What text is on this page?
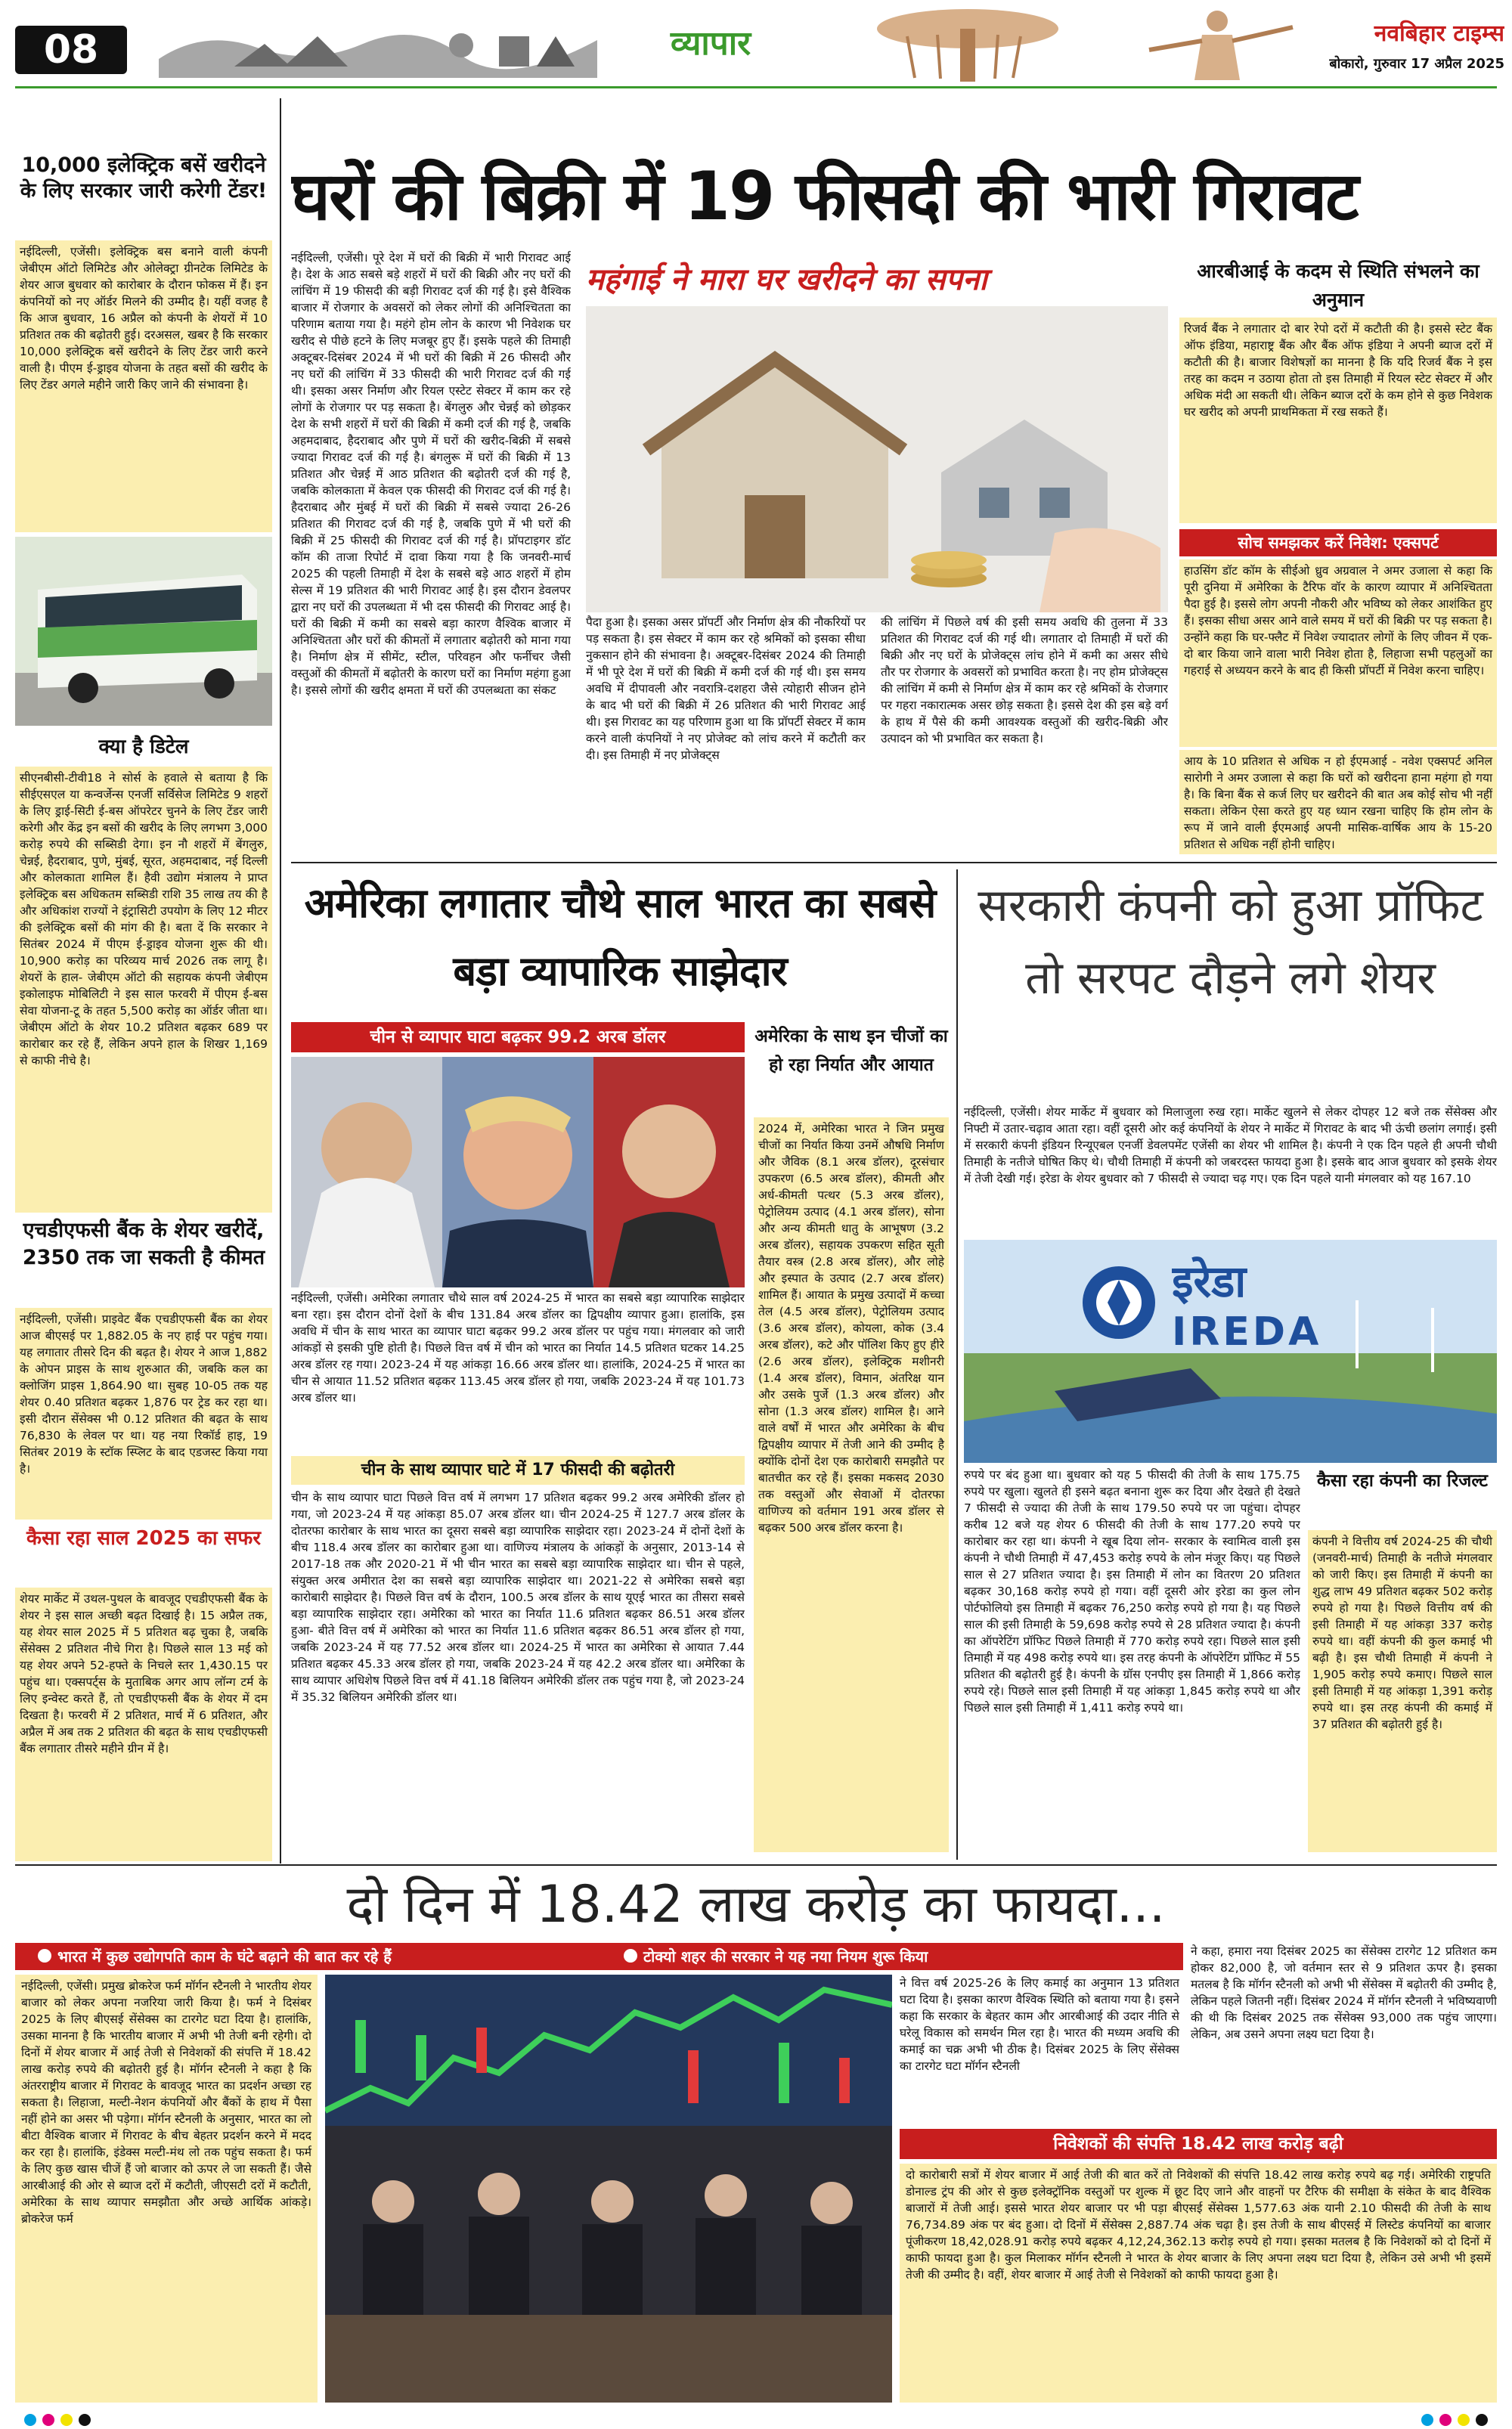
08	व्यापार	नवबिहार टाइम्स
बोकारो, गुरुवार 17 अप्रैल 2025

10,000 इलेक्ट्रिक बसें खरीदने के लिए सरकार जारी करेगी टेंडर!

नईदिल्ली, एजेंसी। इलेक्ट्रिक बस बनाने वाली कंपनी जेबीएम ऑटो लिमिटेड और ओलेक्ट्रा ग्रीनटेक लिमिटेड के शेयर आज बुधवार को कारोबार के दौरान फोकस में हैं। इन कंपनियों को नए ऑर्डर मिलने की उम्मीद है। यहीं वजह है कि आज बुधवार, 16 अप्रैल को कंपनी के शेयरों में 10 प्रतिशत तक की बढ़ोतरी हुई। दरअसल, खबर है कि सरकार 10,000 इलेक्ट्रिक बसें खरीदने के लिए टेंडर जारी करने वाली है। पीएम ई-ड्राइव योजना के तहत बसों की खरीद के लिए टेंडर अगले महीने जारी किए जाने की संभावना है।

क्या है डिटेल

सीएनबीसी-टीवी18 ने सोर्स के हवाले से बताया है कि सीईएसएल या कन्वर्जेन्स एनर्जी सर्विसेज लिमिटेड 9 शहरों के लिए ड्राई-सिटी ई-बस ऑपरेटर चुनने के लिए टेंडर जारी करेगी और केंद्र इन बसों की खरीद के लिए लगभग 3,000 करोड़ रुपये की सब्सिडी देगा। इन नौ शहरों में बेंगलुरु, चेन्नई, हैदराबाद, पुणे, मुंबई, सूरत, अहमदाबाद, नई दिल्ली और कोलकाता शामिल हैं। हैवी उद्योग मंत्रालय ने प्राप्त इलेक्ट्रिक बस अधिकतम सब्सिडी राशि 35 लाख तय की है और अधिकांश राज्यों ने इंट्रासिटी उपयोग के लिए 12 मीटर की इलेक्ट्रिक बसों की मांग की है। बता दें कि सरकार ने सितंबर 2024 में पीएम ई-ड्राइव योजना शुरू की थी। 10,900 करोड़ का परिव्यय मार्च 2026 तक लागू है। शेयरों के हाल- जेबीएम ऑटो की सहायक कंपनी जेबीएम इकोलाइफ मोबिलिटी ने इस साल फरवरी में पीएम ई-बस सेवा योजना-टू के तहत 5,500 करोड़ का ऑर्डर जीता था। जेबीएम ऑटो के शेयर 10.2 प्रतिशत बढ़कर 689 पर कारोबार कर रहे हैं, लेकिन अपने हाल के शिखर 1,169 से काफी नीचे है।

एचडीएफसी बैंक के शेयर खरीदें, 2350 तक जा सकती है कीमत

नईदिल्ली, एजेंसी। प्राइवेट बैंक एचडीएफसी बैंक का शेयर आज बीएसई पर 1,882.05 के नए हाई पर पहुंच गया। यह लगातार तीसरे दिन की बढ़त है। शेयर ने आज 1,882 के ओपन प्राइस के साथ शुरुआत की, जबकि कल का क्लोजिंग प्राइस 1,864.90 था। सुबह 10-05 तक यह शेयर 0.40 प्रतिशत बढ़कर 1,876 पर ट्रेड कर रहा था। इसी दौरान सेंसेक्स भी 0.12 प्रतिशत की बढ़त के साथ 76,830 के लेवल पर था। यह नया रिकॉर्ड हाइ, 19 सितंबर 2019 के स्टॉक स्प्लिट के बाद एडजस्ट किया गया है।

कैसा रहा साल 2025 का सफर

शेयर मार्केट में उथल-पुथल के बावजूद एचडीएफसी बैंक के शेयर ने इस साल अच्छी बढ़त दिखाई है। 15 अप्रैल तक, यह शेयर साल 2025 में 5 प्रतिशत बढ़ चुका है, जबकि सेंसेक्स 2 प्रतिशत नीचे गिरा है। पिछले साल 13 मई को यह शेयर अपने 52-हफ्ते के निचले स्तर 1,430.15 पर पहुंच था। एक्सपर्ट्स के मुताबिक अगर आप लॉन्ग टर्म के लिए इन्वेस्ट करते हैं, तो एचडीएफसी बैंक के शेयर में दम दिखता है। फरवरी में 2 प्रतिशत, मार्च में 6 प्रतिशत, और अप्रैल में अब तक 2 प्रतिशत की बढ़त के साथ एचडीएफसी बैंक लगातार तीसरे महीने ग्रीन में है।

घरों की बिक्री में 19 फीसदी की भारी गिरावट

नईदिल्ली, एजेंसी। पूरे देश में घरों की बिक्री में भारी गिरावट आई है। देश के आठ सबसे बड़े शहरों में घरों की बिक्री और नए घरों की लांचिंग में 19 फीसदी की बड़ी गिरावट दर्ज की गई है। इसे वैश्विक बाजार में रोजगार के अवसरों को लेकर लोगों की अनिश्चितता का परिणाम बताया गया है। महंगे होम लोन के कारण भी निवेशक घर खरीद से पीछे हटने के लिए मजबूर हुए हैं। इसके पहले की तिमाही अक्टूबर-दिसंबर 2024 में भी घरों की बिक्री में 26 फीसदी और नए घरों की लांचिंग में 33 फीसदी की भारी गिरावट दर्ज की गई थी। इसका असर निर्माण और रियल एस्टेट सेक्टर में काम कर रहे लोगों के रोजगार पर पड़ सकता है। बेंगलुरु और चेन्नई को छोड़कर देश के सभी शहरों में घरों की बिक्री में कमी दर्ज की गई है, जबकि अहमदाबाद, हैदराबाद और पुणे में घरों की खरीद-बिक्री में सबसे ज्यादा गिरावट दर्ज की गई है। बंगलुरू में घरों की बिक्री में 13 प्रतिशत और चेन्नई में आठ प्रतिशत की बढ़ोतरी दर्ज की गई है, जबकि कोलकाता में केवल एक फीसदी की गिरावट दर्ज की गई है। हैदराबाद और मुंबई में घरों की बिक्री में सबसे ज्यादा 26-26 प्रतिशत की गिरावट दर्ज की गई है, जबकि पुणे में भी घरों की बिक्री में 25 फीसदी की गिरावट दर्ज की गई है। प्रॉपटाइगर डॉट कॉम की ताजा रिपोर्ट में दावा किया गया है कि जनवरी-मार्च 2025 की पहली तिमाही में देश के सबसे बड़े आठ शहरों में होम सेल्स में 19 प्रतिशत की भारी गिरावट आई है। इस दौरान डेवलपर द्वारा नए घरों की उपलब्धता में भी दस फीसदी की गिरावट आई है। घरों की बिक्री में कमी का सबसे बड़ा कारण वैश्विक बाजार में अनिश्चितता और घरों की कीमतों में लगातार बढ़ोतरी को माना गया है। निर्माण क्षेत्र में सीमेंट, स्टील, परिवहन और फर्नीचर जैसी वस्तुओं की कीमतों में बढ़ोतरी के कारण घरों का निर्माण महंगा हुआ है। इससे लोगों की खरीद क्षमता में घरों की उपलब्धता का संकट

महंगाई ने मारा घर खरीदने का सपना

पैदा हुआ है। इसका असर प्रॉपर्टी और निर्माण क्षेत्र की नौकरियों पर पड़ सकता है। इस सेक्टर में काम कर रहे श्रमिकों को इसका सीधा नुकसान होने की संभावना है। अक्टूबर-दिसंबर 2024 की तिमाही में भी पूरे देश में घरों की बिक्री में कमी दर्ज की गई थी। इस समय अवधि में दीपावली और नवरात्रि-दशहरा जैसे त्योहारी सीजन होने के बाद भी घरों की बिक्री में 26 प्रतिशत की भारी गिरावट आई थी। इस गिरावट का यह परिणाम हुआ था कि प्रॉपर्टी सेक्टर में काम करने वाली कंपनियों ने नए प्रोजेक्ट को लांच करने में कटौती कर दी। इस तिमाही में नए प्रोजेक्ट्स

की लांचिंग में पिछले वर्ष की इसी समय अवधि की तुलना में 33 प्रतिशत की गिरावट दर्ज की गई थी। लगातार दो तिमाही में घरों की बिक्री और नए घरों के प्रोजेक्ट्स लांच होने में कमी का असर सीधे तौर पर रोजगार के अवसरों को प्रभावित करता है। नए होम प्रोजेक्ट्स की लांचिंग में कमी से निर्माण क्षेत्र में काम कर रहे श्रमिकों के रोजगार पर गहरा नकारात्मक असर छोड़ सकता है। इससे देश की इस बड़े वर्ग के हाथ में पैसे की कमी आवश्यक वस्तुओं की खरीद-बिक्री और उत्पादन को भी प्रभावित कर सकता है।

आरबीआई के कदम से स्थिति संभलने का अनुमान

रिजर्व बैंक ने लगातार दो बार रेपो दरों में कटौती की है। इससे स्टेट बैंक ऑफ इंडिया, महाराष्ट्र बैंक और बैंक ऑफ इंडिया ने अपनी ब्याज दरों में कटौती की है। बाजार विशेषज्ञों का मानना है कि यदि रिजर्व बैंक ने इस तरह का कदम न उठाया होता तो इस तिमाही में रियल स्टेट सेक्टर में और अधिक मंदी आ सकती थी। लेकिन ब्याज दरों के कम होने से कुछ निवेशक घर खरीद को अपनी प्राथमिकता में रख सकते हैं।

सोच समझकर करें निवेश: एक्सपर्ट

हाउसिंग डॉट कॉम के सीईओ ध्रुव अग्रवाल ने अमर उजाला से कहा कि पूरी दुनिया में अमेरिका के टैरिफ वॉर के कारण व्यापार में अनिश्चितता पैदा हुई है। इससे लोग अपनी नौकरी और भविष्य को लेकर आशंकित हुए हैं। इसका सीधा असर आने वाले समय में घरों की बिक्री पर पड़ सकता है। उन्होंने कहा कि घर-फ्लैट में निवेश ज्यादातर लोगों के लिए जीवन में एक-दो बार किया जाने वाला भारी निवेश होता है, लिहाजा सभी पहलुओं का गहराई से अध्ययन करने के बाद ही किसी प्रॉपर्टी में निवेश करना चाहिए।

आय के 10 प्रतिशत से अधिक न हो ईएमआई - नवेश एक्सपर्ट अनिल सारोगी ने अमर उजाला से कहा कि घरों को खरीदना हाना महंगा हो गया है। कि बिना बैंक से कर्ज लिए घर खरीदने की बात अब कोई सोच भी नहीं सकता। लेकिन ऐसा करते हुए यह ध्यान रखना चाहिए कि होम लोन के रूप में जाने वाली ईएमआई अपनी मासिक-वार्षिक आय के 15-20 प्रतिशत से अधिक नहीं होनी चाहिए।

अमेरिका लगातार चौथे साल भारत का सबसे बड़ा व्यापारिक साझेदार

चीन से व्यापार घाटा बढ़कर 99.2 अरब डॉलर

नईदिल्ली, एजेंसी। अमेरिका लगातार चौथे साल वर्ष 2024-25 में भारत का सबसे बड़ा व्यापारिक साझेदार बना रहा। इस दौरान दोनों देशों के बीच 131.84 अरब डॉलर का द्विपक्षीय व्यापार हुआ। हालांकि, इस अवधि में चीन के साथ भारत का व्यापार घाटा बढ़कर 99.2 अरब डॉलर पर पहुंच गया। मंगलवार को जारी आंकड़ों से इसकी पुष्टि होती है। पिछले वित्त वर्ष में चीन को भारत का निर्यात 14.5 प्रतिशत घटकर 14.25 अरब डॉलर रह गया। 2023-24 में यह आंकड़ा 16.66 अरब डॉलर था। हालांकि, 2024-25 में भारत का चीन से आयात 11.52 प्रतिशत बढ़कर 113.45 अरब डॉलर हो गया, जबकि 2023-24 में यह 101.73 अरब डॉलर था।

चीन के साथ व्यापार घाटे में 17 फीसदी की बढ़ोतरी

चीन के साथ व्यापार घाटा पिछले वित्त वर्ष में लगभग 17 प्रतिशत बढ़कर 99.2 अरब अमेरिकी डॉलर हो गया, जो 2023-24 में यह आंकड़ा 85.07 अरब डॉलर था। चीन 2024-25 में 127.7 अरब डॉलर के दोतरफा कारोबार के साथ भारत का दूसरा सबसे बड़ा व्यापारिक साझेदार रहा। 2023-24 में दोनों देशों के बीच 118.4 अरब डॉलर का कारोबार हुआ था। वाणिज्य मंत्रालय के आंकड़ों के अनुसार, 2013-14 से 2017-18 तक और 2020-21 में भी चीन भारत का सबसे बड़ा व्यापारिक साझेदार था। चीन से पहले, संयुक्त अरब अमीरात देश का सबसे बड़ा व्यापारिक साझेदार था। 2021-22 से अमेरिका सबसे बड़ा कारोबारी साझेदार है। पिछले वित्त वर्ष के दौरान, 100.5 अरब डॉलर के साथ यूएई भारत का तीसरा सबसे बड़ा व्यापारिक साझेदार रहा। अमेरिका को भारत का निर्यात 11.6 प्रतिशत बढ़कर 86.51 अरब डॉलर हुआ- बीते वित्त वर्ष में अमेरिका को भारत का निर्यात 11.6 प्रतिशत बढ़कर 86.51 अरब डॉलर हो गया, जबकि 2023-24 में यह 77.52 अरब डॉलर था। 2024-25 में भारत का अमेरिका से आयात 7.44 प्रतिशत बढ़कर 45.33 अरब डॉलर हो गया, जबकि 2023-24 में यह 42.2 अरब डॉलर था। अमेरिका के साथ व्यापार अधिशेष पिछले वित्त वर्ष में 41.18 बिलियन अमेरिकी डॉलर तक पहुंच गया है, जो 2023-24 में 35.32 बिलियन अमेरिकी डॉलर था।

अमेरिका के साथ इन चीजों का हो रहा निर्यात और आयात

2024 में, अमेरिका भारत ने जिन प्रमुख चीजों का निर्यात किया उनमें औषधि निर्माण और जैविक (8.1 अरब डॉलर), दूरसंचार उपकरण (6.5 अरब डॉलर), कीमती और अर्ध-कीमती पत्थर (5.3 अरब डॉलर), पेट्रोलियम उत्पाद (4.1 अरब डॉलर), सोना और अन्य कीमती धातु के आभूषण (3.2 अरब डॉलर), सहायक उपकरण सहित सूती तैयार वस्त्र (2.8 अरब डॉलर), और लोहे और इस्पात के उत्पाद (2.7 अरब डॉलर) शामिल हैं। आयात के प्रमुख उत्पादों में कच्चा तेल (4.5 अरब डॉलर), पेट्रोलियम उत्पाद (3.6 अरब डॉलर), कोयला, कोक (3.4 अरब डॉलर), कटे और पॉलिश किए हुए हीरे (2.6 अरब डॉलर), इलेक्ट्रिक मशीनरी (1.4 अरब डॉलर), विमान, अंतरिक्ष यान और उसके पुर्जे (1.3 अरब डॉलर) और सोना (1.3 अरब डॉलर) शामिल है। आने वाले वर्षों में भारत और अमेरिका के बीच द्विपक्षीय व्यापार में तेजी आने की उम्मीद है क्योंकि दोनों देश एक कारोबारी समझौते पर बातचीत कर रहे हैं। इसका मकसद 2030 तक वस्तुओं और सेवाओं में दोतरफा वाणिज्य को वर्तमान 191 अरब डॉलर से बढ़कर 500 अरब डॉलर करना है।

सरकारी कंपनी को हुआ प्रॉफिट तो सरपट दौड़ने लगे शेयर

नईदिल्ली, एजेंसी। शेयर मार्केट में बुधवार को मिलाजुला रुख रहा। मार्केट खुलने से लेकर दोपहर 12 बजे तक सेंसेक्स और निफ्टी में उतार-चढ़ाव आता रहा। वहीं दूसरी ओर कई कंपनियों के शेयर ने मार्केट में गिरावट के बाद भी ऊंची छलांग लगाई। इसी में सरकारी कंपनी इंडियन रिन्यूएबल एनर्जी डेवलपमेंट एजेंसी का शेयर भी शामिल है। कंपनी ने एक दिन पहले ही अपनी चौथी तिमाही के नतीजे घोषित किए थे। चौथी तिमाही में कंपनी को जबरदस्त फायदा हुआ है। इसके बाद आज बुधवार को इसके शेयर में तेजी देखी गई। इरेडा के शेयर बुधवार को 7 फीसदी से ज्यादा चढ़ गए। एक दिन पहले यानी मंगलवार को यह 167.10

इरेडा
IREDA

रुपये पर बंद हुआ था। बुधवार को यह 5 फीसदी की तेजी के साथ 175.75 रुपये पर खुला। खुलते ही इसने बढ़त बनाना शुरू कर दिया और देखते ही देखते 7 फीसदी से ज्यादा की तेजी के साथ 179.50 रुपये पर जा पहुंचा। दोपहर करीब 12 बजे यह शेयर 6 फीसदी की तेजी के साथ 177.20 रुपये पर कारोबार कर रहा था। कंपनी ने खूब दिया लोन- सरकार के स्वामित्व वाली इस कंपनी ने चौथी तिमाही में 47,453 करोड़ रुपये के लोन मंजूर किए। यह पिछले साल से 27 प्रतिशत ज्यादा है। इस तिमाही में लोन का वितरण 20 प्रतिशत बढ़कर 30,168 करोड़ रुपये हो गया। वहीं दूसरी ओर इरेडा का कुल लोन पोर्टफोलियो इस तिमाही में बढ़कर 76,250 करोड़ रुपये हो गया है। यह पिछले साल की इसी तिमाही के 59,698 करोड़ रुपये से 28 प्रतिशत ज्यादा है। कंपनी का ऑपरेटिंग प्रॉफिट पिछले तिमाही में 770 करोड़ रुपये रहा। पिछले साल इसी तिमाही में यह 498 करोड़ रुपये था। इस तरह कंपनी के ऑपरेटिंग प्रॉफिट में 55 प्रतिशत की बढ़ोतरी हुई है। कंपनी के ग्रॉस एनपीए इस तिमाही में 1,866 करोड़ रुपये रहे। पिछले साल इसी तिमाही में यह आंकड़ा 1,845 करोड़ रुपये था और पिछले साल इसी तिमाही में 1,411 करोड़ रुपये था।

कैसा रहा कंपनी का रिजल्ट

कंपनी ने वित्तीय वर्ष 2024-25 की चौथी (जनवरी-मार्च) तिमाही के नतीजे मंगलवार को जारी किए। इस तिमाही में कंपनी का शुद्ध लाभ 49 प्रतिशत बढ़कर 502 करोड़ रुपये हो गया है। पिछले वित्तीय वर्ष की इसी तिमाही में यह आंकड़ा 337 करोड़ रुपये था। वहीं कंपनी की कुल कमाई भी बढ़ी है। इस चौथी तिमाही में कंपनी ने 1,905 करोड़ रुपये कमाए। पिछले साल इसी तिमाही में यह आंकड़ा 1,391 करोड़ रुपये था। इस तरह कंपनी की कमाई में 37 प्रतिशत की बढ़ोतरी हुई है।

दो दिन में 18.42 लाख करोड़ का फायदा...

भारत में कुछ उद्योगपति काम के घंटे बढ़ाने की बात कर रहे हैं	टोक्यो शहर की सरकार ने यह नया नियम शुरू किया

नईदिल्ली, एजेंसी। प्रमुख ब्रोकरेज फर्म मॉर्गन स्टैनली ने भारतीय शेयर बाजार को लेकर अपना नजरिया जारी किया है। फर्म ने दिसंबर 2025 के लिए बीएसई सेंसेक्स का टारगेट घटा दिया है। हालांकि, उसका मानना है कि भारतीय बाजार में अभी भी तेजी बनी रहेगी। दो दिनों में शेयर बाजार में आई तेजी से निवेशकों की संपत्ति में 18.42 लाख करोड़ रुपये की बढ़ोतरी हुई है। मॉर्गन स्टैनली ने कहा है कि अंतरराष्ट्रीय बाजार में गिरावट के बावजूद भारत का प्रदर्शन अच्छा रह सकता है। लिहाजा, मल्टी-नेशन कंपनियों और बैंकों के हाथ में पैसा नहीं होने का असर भी पड़ेगा। मॉर्गन स्टैनली के अनुसार, भारत का लो बीटा वैश्विक बाजार में गिरावट के बीच बेहतर प्रदर्शन करने में मदद कर रहा है। हालांकि, इंडेक्स मल्टी-मंथ लो तक पहुंच सकता है। फर्म के लिए कुछ खास चीजें हैं जो बाजार को ऊपर ले जा सकती हैं। जैसे आरबीआई की ओर से ब्याज दरों में कटौती, जीएसटी दरों में कटौती, अमेरिका के साथ व्यापार समझौता और अच्छे आर्थिक आंकड़े। ब्रोकरेज फर्म

ने वित्त वर्ष 2025-26 के लिए कमाई का अनुमान 13 प्रतिशत घटा दिया है। इसका कारण वैश्विक स्थिति को बताया गया है। इसने कहा कि सरकार के बेहतर काम और आरबीआई की उदार नीति से घरेलू विकास को समर्थन मिल रहा है। भारत की मध्यम अवधि की कमाई का चक्र अभी भी ठीक है। दिसंबर 2025 के लिए सेंसेक्स का टारगेट घटा मॉर्गन स्टैनली

ने कहा, हमारा नया दिसंबर 2025 का सेंसेक्स टारगेट 12 प्रतिशत कम होकर 82,000 है, जो वर्तमान स्तर से 9 प्रतिशत ऊपर है। इसका मतलब है कि मॉर्गन स्टैनली को अभी भी सेंसेक्स में बढ़ोतरी की उम्मीद है, लेकिन पहले जितनी नहीं। दिसंबर 2024 में मॉर्गन स्टैनली ने भविष्यवाणी की थी कि दिसंबर 2025 तक सेंसेक्स 93,000 तक पहुंच जाएगा। लेकिन, अब उसने अपना लक्ष्य घटा दिया है।

निवेशकों की संपत्ति 18.42 लाख करोड़ बढ़ी

दो कारोबारी सत्रों में शेयर बाजार में आई तेजी की बात करें तो निवेशकों की संपत्ति 18.42 लाख करोड़ रुपये बढ़ गई। अमेरिकी राष्ट्रपति डोनाल्ड ट्रंप की ओर से कुछ इलेक्ट्रॉनिक वस्तुओं पर शुल्क में छूट दिए जाने और वाहनों पर टैरिफ की समीक्षा के संकेत के बाद वैश्विक बाजारों में तेजी आई। इससे भारत शेयर बाजार पर भी पड़ा बीएसई सेंसेक्स 1,577.63 अंक यानी 2.10 फीसदी की तेजी के साथ 76,734.89 अंक पर बंद हुआ। दो दिनों में सेंसेक्स 2,887.74 अंक चढ़ा है। इस तेजी के साथ बीएसई में लिस्टेड कंपनियों का बाजार पूंजीकरण 18,42,028.91 करोड़ रुपये बढ़कर 4,12,24,362.13 करोड़ रुपये हो गया। इसका मतलब है कि निवेशकों को दो दिनों में काफी फायदा हुआ है। कुल मिलाकर मॉर्गन स्टैनली ने भारत के शेयर बाजार के लिए अपना लक्ष्य घटा दिया है, लेकिन उसे अभी भी इसमें तेजी की उम्मीद है। वहीं, शेयर बाजार में आई तेजी से निवेशकों को काफी फायदा हुआ है।
